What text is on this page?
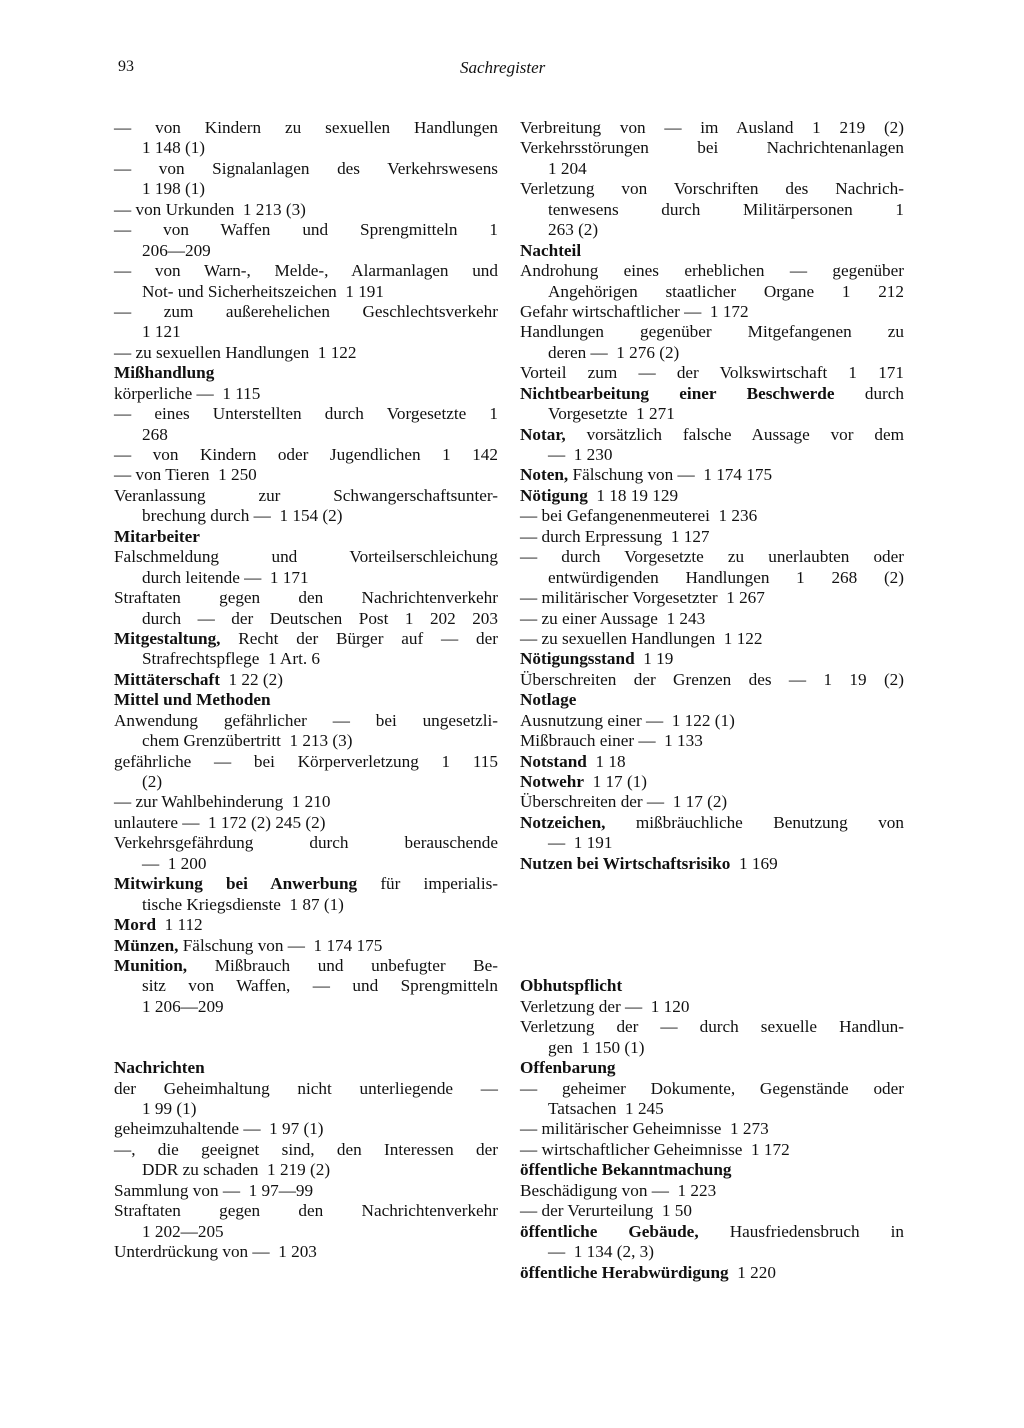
93	Sachregister
— von Kindern zu sexuellen Handlungen
1 148 (1)
— von Signalanlagen des Verkehrswesens
1 198 (1)
— von Urkunden  1 213 (3)
— von Waffen und Sprengmitteln 1
206—209
— von Warn-, Melde-, Alarmanlagen und
Not- und Sicherheitszeichen  1 191
— zum außerehelichen Geschlechtsverkehr
1 121
— zu sexuellen Handlungen  1 122
Mißhandlung
körperliche —  1 115
— eines Unterstellten durch Vorgesetzte 1
268
— von Kindern oder Jugendlichen 1 142
— von Tieren  1 250
Veranlassung zur Schwangerschaftsunter-
brechung durch —  1 154 (2)
Mitarbeiter
Falschmeldung und Vorteilserschleichung
durch leitende —  1 171
Straftaten gegen den Nachrichtenverkehr
durch — der Deutschen Post 1 202 203
Mitgestaltung, Recht der Bürger auf — der
Strafrechtspflege  1 Art. 6
Mittäterschaft  1 22 (2)
Mittel und Methoden
Anwendung gefährlicher — bei ungesetzli-
chem Grenzübertritt  1 213 (3)
gefährliche — bei Körperverletzung 1 115
(2)
— zur Wahlbehinderung  1 210
unlautere —  1 172 (2) 245 (2)
Verkehrsgefährdung durch berauschende
—  1 200
Mitwirkung bei Anwerbung für imperialis-
tische Kriegsdienste  1 87 (1)
Mord  1 112
Münzen, Fälschung von —  1 174 175
Munition, Mißbrauch und unbefugter Be-
sitz von Waffen, — und Sprengmitteln
1 206—209
Nachrichten
der Geheimhaltung nicht unterliegende —
1 99 (1)
geheimzuhaltende —  1 97 (1)
—, die geeignet sind, den Interessen der
DDR zu schaden  1 219 (2)
Sammlung von —  1 97—99
Straftaten gegen den Nachrichtenverkehr
1 202—205
Unterdrückung von —  1 203
Verbreitung von — im Ausland 1 219 (2)
Verkehrsstörungen bei Nachrichtenanlagen
1 204
Verletzung von Vorschriften des Nachrich-
tenwesens durch Militärpersonen 1
263 (2)
Nachteil
Androhung eines erheblichen — gegenüber
Angehörigen staatlicher Organe 1 212
Gefahr wirtschaftlicher —  1 172
Handlungen gegenüber Mitgefangenen zu
deren —  1 276 (2)
Vorteil zum — der Volkswirtschaft 1 171
Nichtbearbeitung einer Beschwerde durch
Vorgesetzte  1 271
Notar, vorsätzlich falsche Aussage vor dem
—  1 230
Noten, Fälschung von —  1 174 175
Nötigung  1 18 19 129
— bei Gefangenenmeuterei  1 236
— durch Erpressung  1 127
— durch Vorgesetzte zu unerlaubten oder
entwürdigenden Handlungen 1 268 (2)
— militärischer Vorgesetzter  1 267
— zu einer Aussage  1 243
— zu sexuellen Handlungen  1 122
Nötigungsstand  1 19
Überschreiten der Grenzen des — 1 19 (2)
Notlage
Ausnutzung einer —  1 122 (1)
Mißbrauch einer —  1 133
Notstand  1 18
Notwehr  1 17 (1)
Überschreiten der —  1 17 (2)
Notzeichen, mißbräuchliche Benutzung von
—  1 191
Nutzen bei Wirtschaftsrisiko  1 169
Obhutspflicht
Verletzung der —  1 120
Verletzung der — durch sexuelle Handlun-
gen  1 150 (1)
Offenbarung
— geheimer Dokumente, Gegenstände oder
Tatsachen  1 245
— militärischer Geheimnisse  1 273
— wirtschaftlicher Geheimnisse  1 172
öffentliche Bekanntmachung
Beschädigung von —  1 223
— der Verurteilung  1 50
öffentliche Gebäude, Hausfriedensbruch in
—  1 134 (2, 3)
öffentliche Herabwürdigung  1 220
